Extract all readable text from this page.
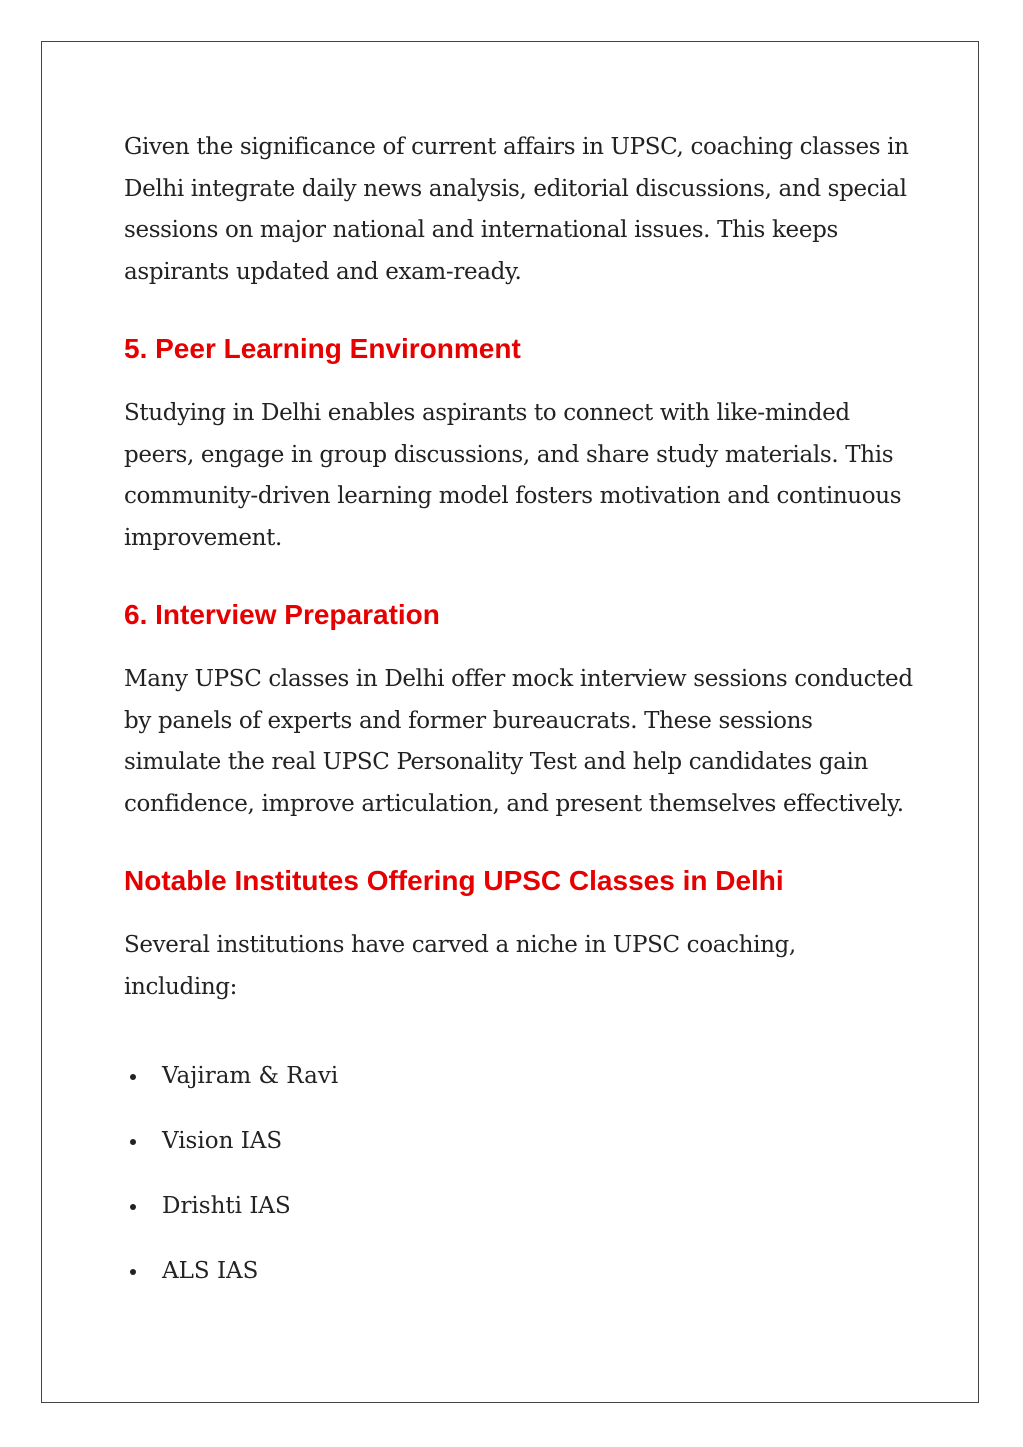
Given the significance of current affairs in UPSC, coaching classes in Delhi integrate daily news analysis, editorial discussions, and special sessions on major national and international issues. This keeps aspirants updated and exam-ready.

5. Peer Learning Environment

Studying in Delhi enables aspirants to connect with like-minded peers, engage in group discussions, and share study materials. This community-driven learning model fosters motivation and continuous improvement.

6. Interview Preparation

Many UPSC classes in Delhi offer mock interview sessions conducted by panels of experts and former bureaucrats. These sessions simulate the real UPSC Personality Test and help candidates gain confidence, improve articulation, and present themselves effectively.

Notable Institutes Offering UPSC Classes in Delhi

Several institutions have carved a niche in UPSC coaching, including:

Vajiram & Ravi
Vision IAS
Drishti IAS
ALS IAS
